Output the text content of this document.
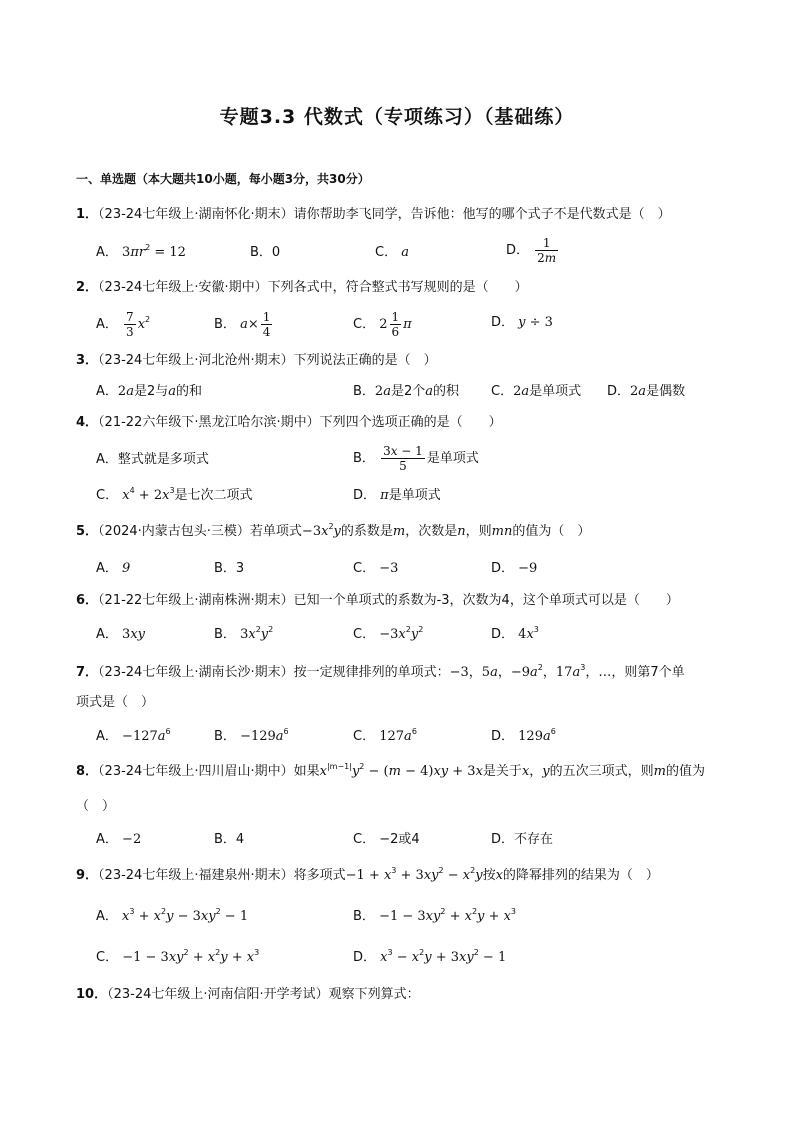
专题3.3 代数式（专项练习）（基础练）
一、单选题（本大题共10小题，每小题3分，共30分）
1．（23-24七年级上·湖南怀化·期末）请你帮助李飞同学，告诉他：他写的哪个式子不是代数式是（　）
A． $3\pi r^2 = 12$	B．0	C． a	D． $\frac{1}{2m}$
2．（23-24七年级上·安徽·期中）下列各式中，符合整式书写规则的是（　　）
A． $\frac{7}{3} x^2$	B． $a\times \frac{1}{4}$	C． $2 \frac{1}{6}$ π	D． y ÷ 3
3．（23-24七年级上·河北沧州·期末）下列说法正确的是（　）
A．2a是2与a的和	B．2a是2个a的积 C．2a是单项式 D．2a是偶数
4．（21-22六年级下·黑龙江哈尔滨·期中）下列四个选项正确的是（　　）
A．整式就是多项式	B． $\frac{3x - 1}{5}$ 是单项式
C． $x^4 + 2x^3$是七次二项式	D． π是单项式
5．（2024·内蒙古包头·三模）若单项式$-3x^2y$的系数是m，次数是n，则mn的值为（　）
A． 9	B．3	C． −3	D． −9
6．（21-22七年级上·湖南株洲·期末）已知一个单项式的系数为-3，次数为4，这个单项式可以是（　　）
A． 3xy	B． $3x^2y^2$	C． $-3x^2y^2$	D． $4x^3$
7．（23-24七年级上·湖南长沙·期末）按一定规律排列的单项式：−3，5a，$-9a^2$，$17a^3$，…，则第7个单
项式是（　）
A． $-127a^6$	B． $-129a^6$	C． $127a^6$	D． $129a^6$
8．（23-24七年级上·四川眉山·期中）如果$x^{|m-1|}y^2 - (m - 4)xy + 3x$是关于x，y的五次三项式，则m的值为
（　）
A． −2	B．4	C． −2或4	D．不存在
9．（23-24七年级上·福建泉州·期末）将多项式$-1 + x^3 + 3xy^2 - x^2y$按x的降幂排列的结果为（　）
A． $x^3 + x^2y - 3xy^2 - 1$	B． $-1 - 3xy^2 + x^2y + x^3$
C． $-1 - 3xy^2 + x^2y + x^3$	D． $x^3 - x^2y + 3xy^2 - 1$
10．（23-24七年级上·河南信阳·开学考试）观察下列算式：
